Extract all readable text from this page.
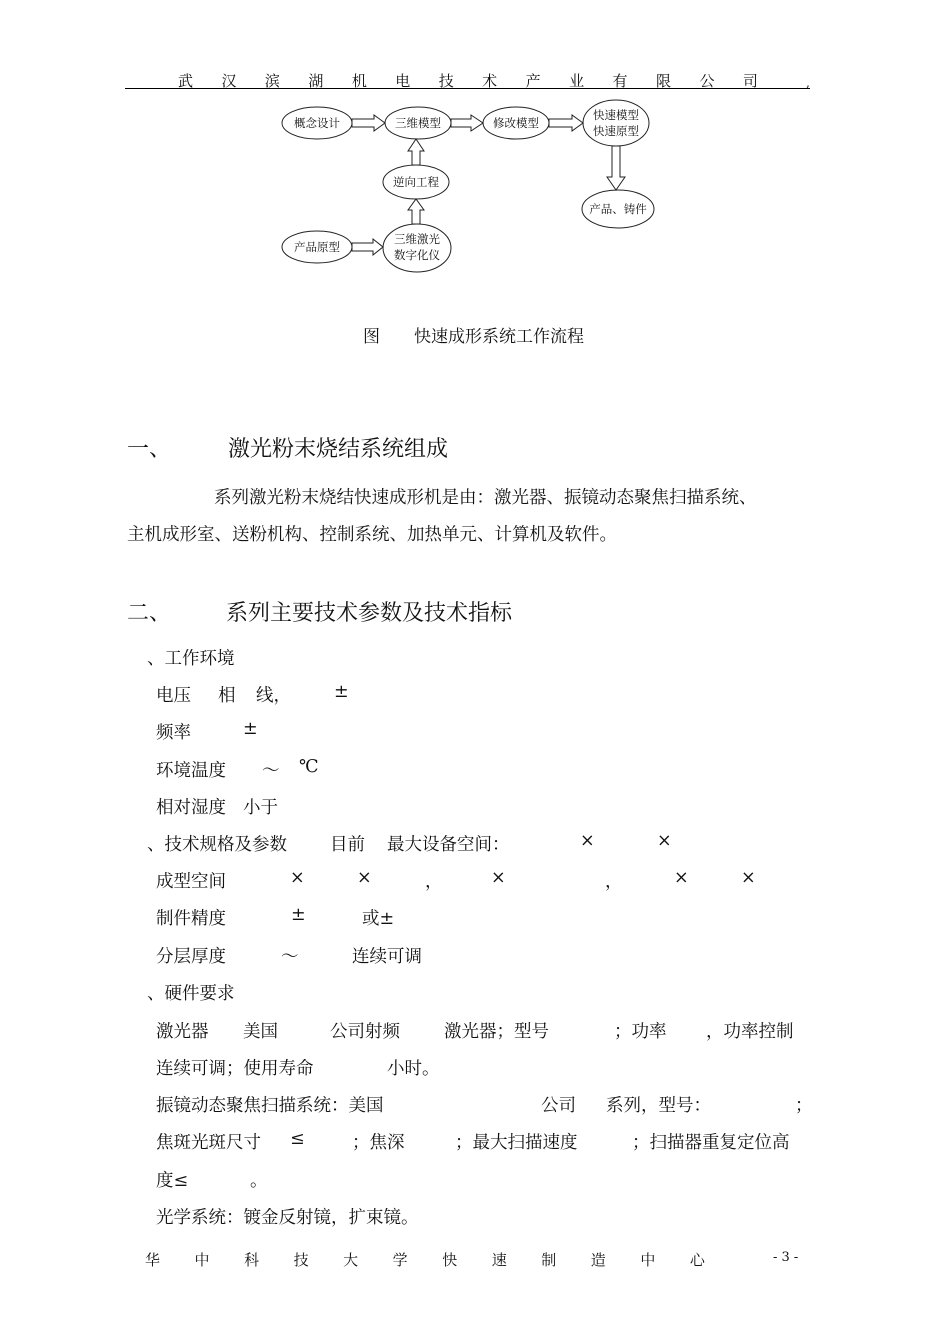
武 汉 滨 湖 机 电 技 术 产 业 有 限 公 司	,
概念设计	三维模型	修改模型
快速模型
快速原型
逆向工程
产品、铸件
产品原型
三维激光
数字化仪
图 快速成形系统工作流程
一、	激光粉末烧结系统组成
系列激光粉末烧结快速成形机是由：激光器、振镜动态聚焦扫描系统、
主机成形室、送粉机构、控制系统、加热单元、计算机及软件。
二、 系列主要技术参数及技术指标
、工作环境
电压 相 线， ±
频率	±
环境温度 ～ ℃
相对湿度 小于
、技术规格及参数 目前 最大设备空间：	×	×
成型空间	×	×	，	×	，	×	×
制件精度	±	或±
分层厚度	～	连续可调
、硬件要求
激光器 美国	公司射频	激光器；型号	；功率 ，功率控制
连续可调；使用寿命	小时。
振镜动态聚焦扫描系统：美国	公司 系列，型号：	；
焦斑光斑尺寸 ≤	；焦深	；最大扫描速度	；扫描器重复定位高
度≤	。
光学系统：镀金反射镜，扩束镜。
华 中 科 技 大 学 快 速 制 造 中 心	- 3 -
